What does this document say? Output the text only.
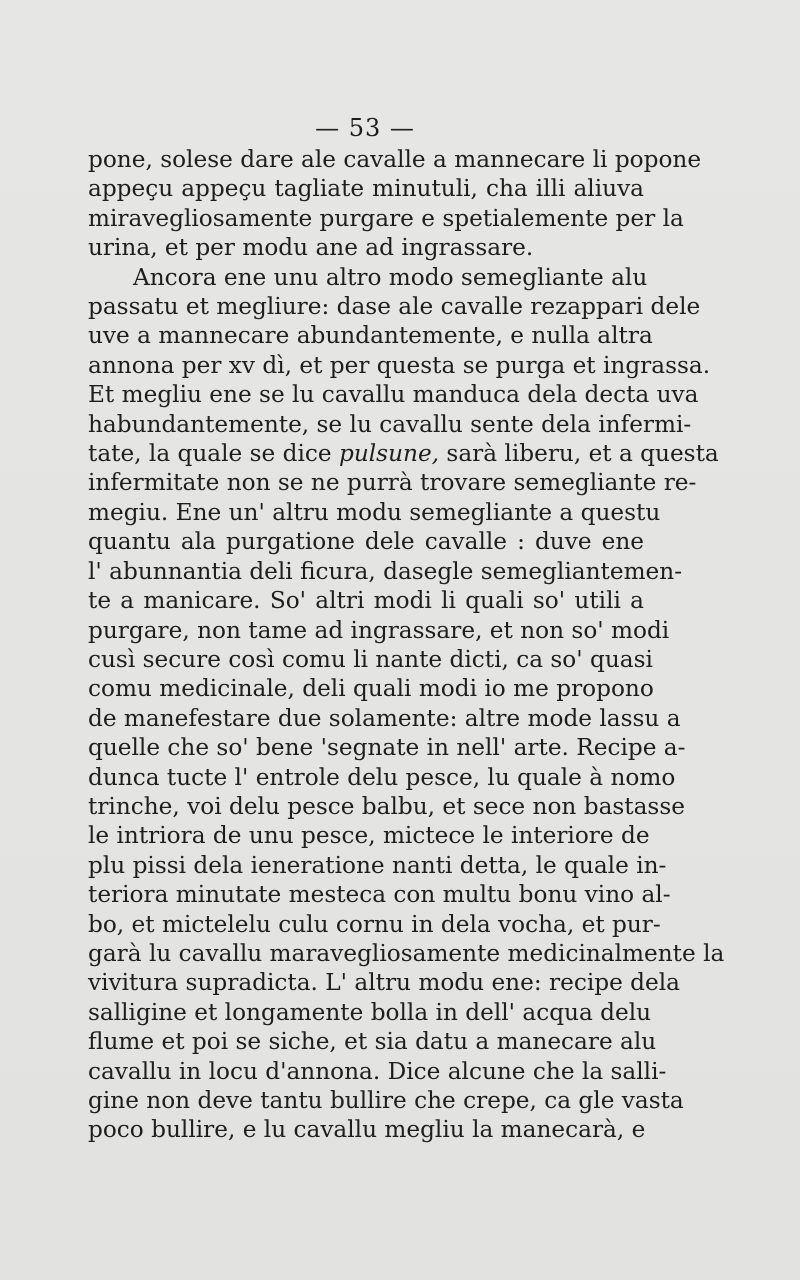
— 53 —
pone, solese dare ale cavalle a mannecare li popone
appeçu appeçu tagliate minutuli, cha illi aliuva
miravegliosamente purgare e spetialemente per la
urina, et per modu ane ad ingrassare.
Ancora ene unu altro modo semegliante alu
passatu et megliure: dase ale cavalle rezappari dele
uve a mannecare abundantemente, e nulla altra
annona per xv dì, et per questa se purga et ingrassa.
Et megliu ene se lu cavallu manduca dela decta uva
habundantemente, se lu cavallu sente dela infermi-
tate, la quale se dice pulsune, sarà liberu, et a questa
infermitate non se ne purrà trovare semegliante re-
megiu. Ene un' altru modu semegliante a questu
quantu ala purgatione dele cavalle : duve ene
l' abunnantia deli ficura, dasegle semegliantemen-
te a manicare. So' altri modi li quali so' utili a
purgare, non tame ad ingrassare, et non so' modi
cusì secure così comu li nante dicti, ca so' quasi
comu medicinale, deli quali modi io me propono
de manefestare due solamente: altre mode lassu a
quelle che so' bene 'segnate in nell' arte. Recipe a-
dunca tucte l' entrole delu pesce, lu quale à nomo
trinche, voi delu pesce balbu, et sece non bastasse
le intriora de unu pesce, mictece le interiore de
plu pissi dela ieneratione nanti detta, le quale in-
teriora minutate mesteca con multu bonu vino al-
bo, et mictelelu culu cornu in dela vocha, et pur-
garà lu cavallu maravegliosamente medicinalmente la
vivitura supradicta. L' altru modu ene: recipe dela
salligine et longamente bolla in dell' acqua delu
flume et poi se siche, et sia datu a manecare alu
cavallu in locu d'annona. Dice alcune che la salli-
gine non deve tantu bullire che crepe, ca gle vasta
poco bullire, e lu cavallu megliu la manecarà, e
